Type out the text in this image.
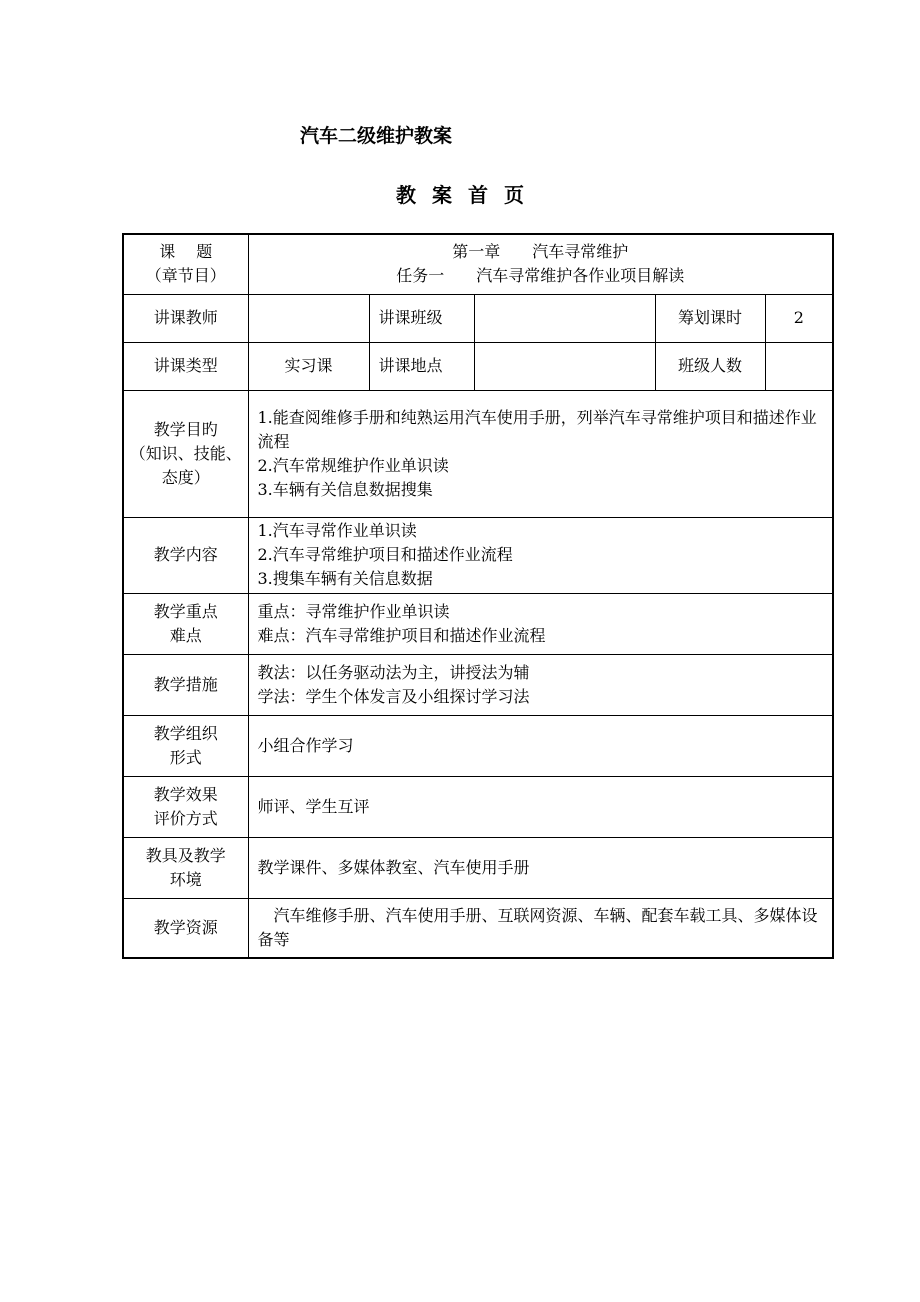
汽车二级维护教案
教 案 首 页
课　 题
（章节目）	第一章　　汽车寻常维护
任务一　　汽车寻常维护各作业项目解读				

讲课教师		讲课班级		筹划课时	2
讲课类型	实习课	讲课地点		班级人数	

教学目旳
（知识、技能、
态度）	1.能查阅维修手册和纯熟运用汽车使用手册，列举汽车寻常维护项目和描述作业流程
2.汽车常规维护作业单识读
3.车辆有关信息数据搜集				

教学内容	1.汽车寻常作业单识读
2.汽车寻常维护项目和描述作业流程
3.搜集车辆有关信息数据				

教学重点
难点	重点：寻常维护作业单识读
难点：汽车寻常维护项目和描述作业流程				

教学措施	教法：以任务驱动法为主，讲授法为辅
学法：学生个体发言及小组探讨学习法				

教学组织
形式	小组合作学习				

教学效果
评价方式	师评、学生互评				

教具及教学
环境	教学课件、多媒体教室、汽车使用手册				
教学资源	汽车维修手册、汽车使用手册、互联网资源、车辆、配套车载工具、多媒体设备等				
